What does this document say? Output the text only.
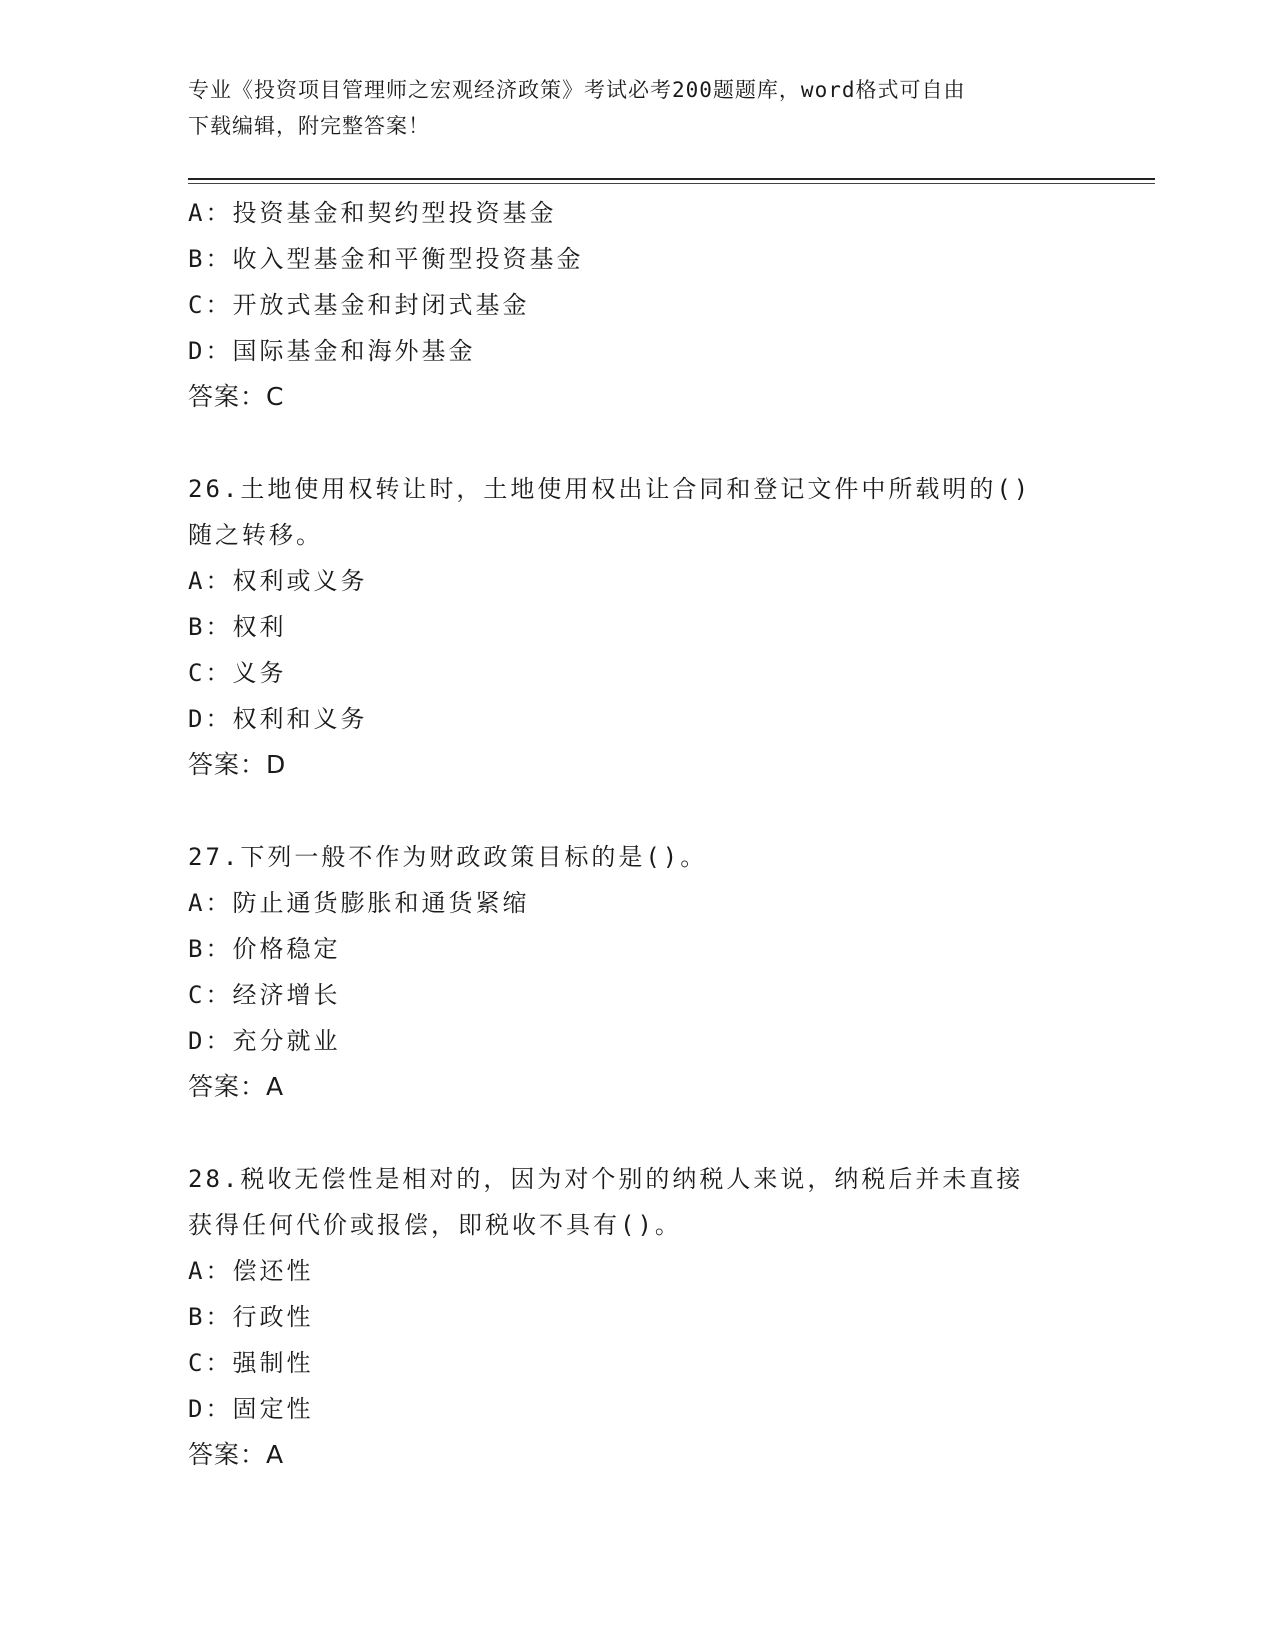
专业《投资项目管理师之宏观经济政策》考试必考200题题库，word格式可自由
下载编辑，附完整答案！
A：投资基金和契约型投资基金
B：收入型基金和平衡型投资基金
C：开放式基金和封闭式基金
D：国际基金和海外基金
答案：C
26.土地使用权转让时，土地使用权出让合同和登记文件中所载明的()
随之转移。
A：权利或义务
B：权利
C：义务
D：权利和义务
答案：D
27.下列一般不作为财政政策目标的是()。
A：防止通货膨胀和通货紧缩
B：价格稳定
C：经济增长
D：充分就业
答案：A
28.税收无偿性是相对的，因为对个别的纳税人来说，纳税后并未直接
获得任何代价或报偿，即税收不具有()。
A：偿还性
B：行政性
C：强制性
D：固定性
答案：A
